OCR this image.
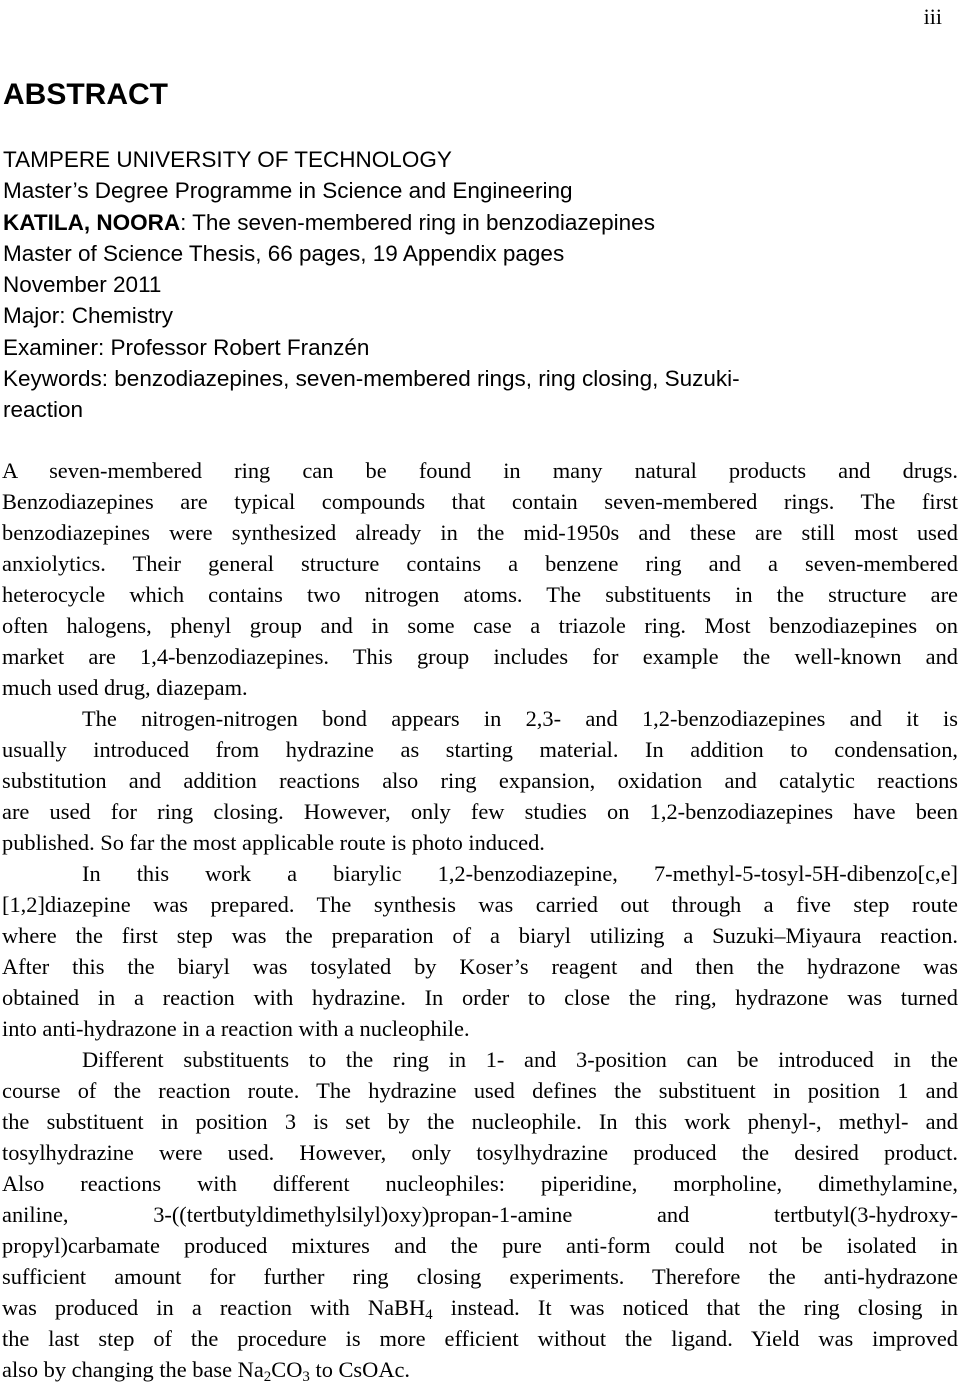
iii
ABSTRACT
TAMPERE UNIVERSITY OF TECHNOLOGY
Master’s Degree Programme in Science and Engineering
KATILA, NOORA: The seven-membered ring in benzodiazepines
Master of Science Thesis, 66 pages, 19 Appendix pages
November 2011
Major: Chemistry
Examiner: Professor Robert Franzén
Keywords: benzodiazepines, seven-membered rings, ring closing, Suzuki-
reaction
A seven-membered ring can be found in many natural products and drugs.
Benzodiazepines are typical compounds that contain seven-membered rings. The first
benzodiazepines were synthesized already in the mid-1950s and these are still most used
anxiolytics. Their general structure contains a benzene ring and a seven-membered
heterocycle which contains two nitrogen atoms. The substituents in the structure are
often halogens, phenyl group and in some case a triazole ring. Most benzodiazepines on
market are 1,4-benzodiazepines. This group includes for example the well-known and
much used drug, diazepam.
The nitrogen-nitrogen bond appears in 2,3- and 1,2-benzodiazepines and it is
usually introduced from hydrazine as starting material. In addition to condensation,
substitution and addition reactions also ring expansion, oxidation and catalytic reactions
are used for ring closing. However, only few studies on 1,2-benzodiazepines have been
published. So far the most applicable route is photo induced.
In this work a biarylic 1,2-benzodiazepine, 7-methyl-5-tosyl-5H-dibenzo[c,e]
[1,2]diazepine was prepared. The synthesis was carried out through a five step route
where the first step was the preparation of a biaryl utilizing a Suzuki–Miyaura reaction.
After this the biaryl was tosylated by Koser’s reagent and then the hydrazone was
obtained in a reaction with hydrazine. In order to close the ring, hydrazone was turned
into anti-hydrazone in a reaction with a nucleophile.
Different substituents to the ring in 1- and 3-position can be introduced in the
course of the reaction route. The hydrazine used defines the substituent in position 1 and
the substituent in position 3 is set by the nucleophile. In this work phenyl-, methyl- and
tosylhydrazine were used. However, only tosylhydrazine produced the desired product.
Also reactions with different nucleophiles: piperidine, morpholine, dimethylamine,
aniline, 3-((tertbutyldimethylsilyl)oxy)propan-1-amine and tertbutyl(3-hydroxy-
propyl)carbamate produced mixtures and the pure anti-form could not be isolated in
sufficient amount for further ring closing experiments. Therefore the anti-hydrazone
was produced in a reaction with NaBH$_4$ instead. It was noticed that the ring closing in
the last step of the procedure is more efficient without the ligand. Yield was improved
also by changing the base $Na_2CO_3$ to CsOAc.
